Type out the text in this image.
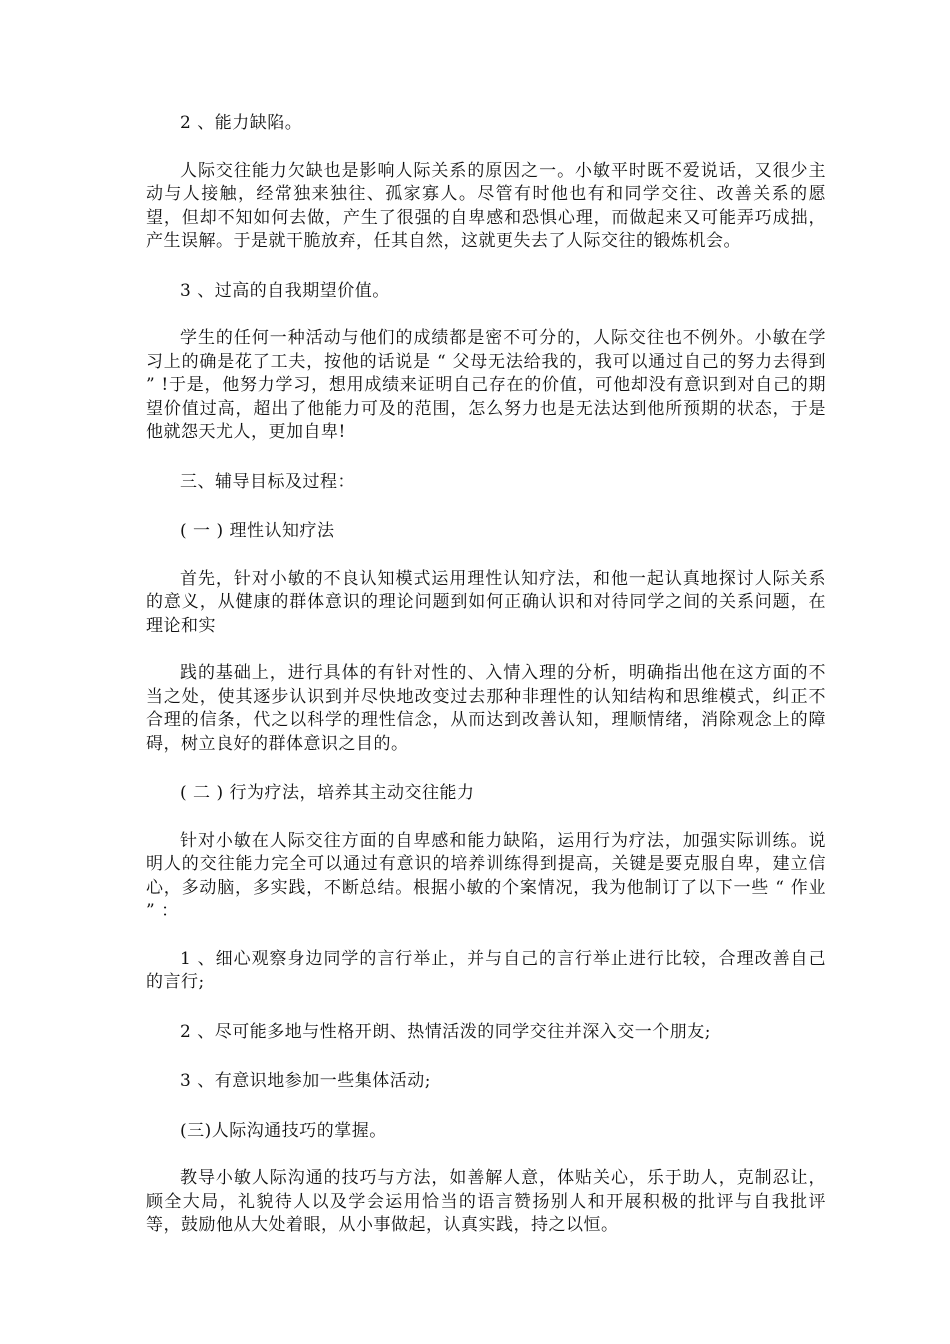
2 、能力缺陷。

人际交往能力欠缺也是影响人际关系的原因之一。小敏平时既不爱说话，又很少主动与人接触，经常独来独往、孤家寡人。尽管有时他也有和同学交往、改善关系的愿望，但却不知如何去做，产生了很强的自卑感和恐惧心理，而做起来又可能弄巧成拙，产生误解。于是就干脆放弃，任其自然，这就更失去了人际交往的锻炼机会。

3 、过高的自我期望价值。

学生的任何一种活动与他们的成绩都是密不可分的，人际交往也不例外。小敏在学习上的确是花了工夫，按他的话说是 “ 父母无法给我的，我可以通过自己的努力去得到 ” !于是，他努力学习，想用成绩来证明自己存在的价值，可他却没有意识到对自己的期望价值过高，超出了他能力可及的范围，怎么努力也是无法达到他所预期的状态，于是他就怨天尤人，更加自卑!

三、辅导目标及过程：

( 一 ) 理性认知疗法

首先，针对小敏的不良认知模式运用理性认知疗法，和他一起认真地探讨人际关系的意义，从健康的群体意识的理论问题到如何正确认识和对待同学之间的关系问题，在理论和实

践的基础上，进行具体的有针对性的、入情入理的分析，明确指出他在这方面的不当之处，使其逐步认识到并尽快地改变过去那种非理性的认知结构和思维模式，纠正不合理的信条，代之以科学的理性信念，从而达到改善认知，理顺情绪，消除观念上的障碍，树立良好的群体意识之目的。

( 二 ) 行为疗法，培养其主动交往能力

针对小敏在人际交往方面的自卑感和能力缺陷，运用行为疗法，加强实际训练。说明人的交往能力完全可以通过有意识的培养训练得到提高，关键是要克服自卑，建立信心，多动脑，多实践，不断总结。根据小敏的个案情况，我为他制订了以下一些 “ 作业 ” ：

1 、细心观察身边同学的言行举止，并与自己的言行举止进行比较，合理改善自己的言行;

2 、尽可能多地与性格开朗、热情活泼的同学交往并深入交一个朋友;

3 、有意识地参加一些集体活动;

(三)人际沟通技巧的掌握。

教导小敏人际沟通的技巧与方法，如善解人意，体贴关心，乐于助人，克制忍让，顾全大局，礼貌待人以及学会运用恰当的语言赞扬别人和开展积极的批评与自我批评等，鼓励他从大处着眼，从小事做起，认真实践，持之以恒。
